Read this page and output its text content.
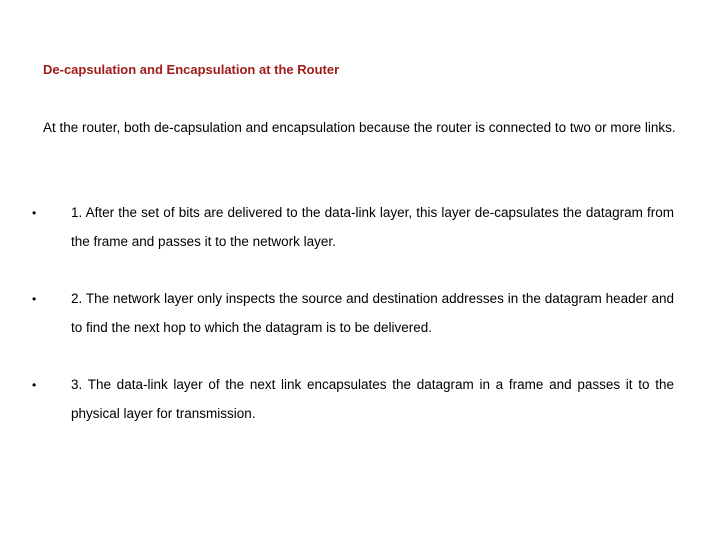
De-capsulation and Encapsulation at the Router
At the router, both de-capsulation and encapsulation because the router is connected to two or more links.
•	1. After the set of bits are delivered to the data-link layer, this layer de-capsulates the datagram from the frame and passes it to the network layer.
•	2. The network layer only inspects the source and destination addresses in the datagram header and to find the next hop to which the datagram is to be delivered.
•	3. The data-link layer of the next link encapsulates the datagram in a frame and passes it to the physical layer for transmission.
